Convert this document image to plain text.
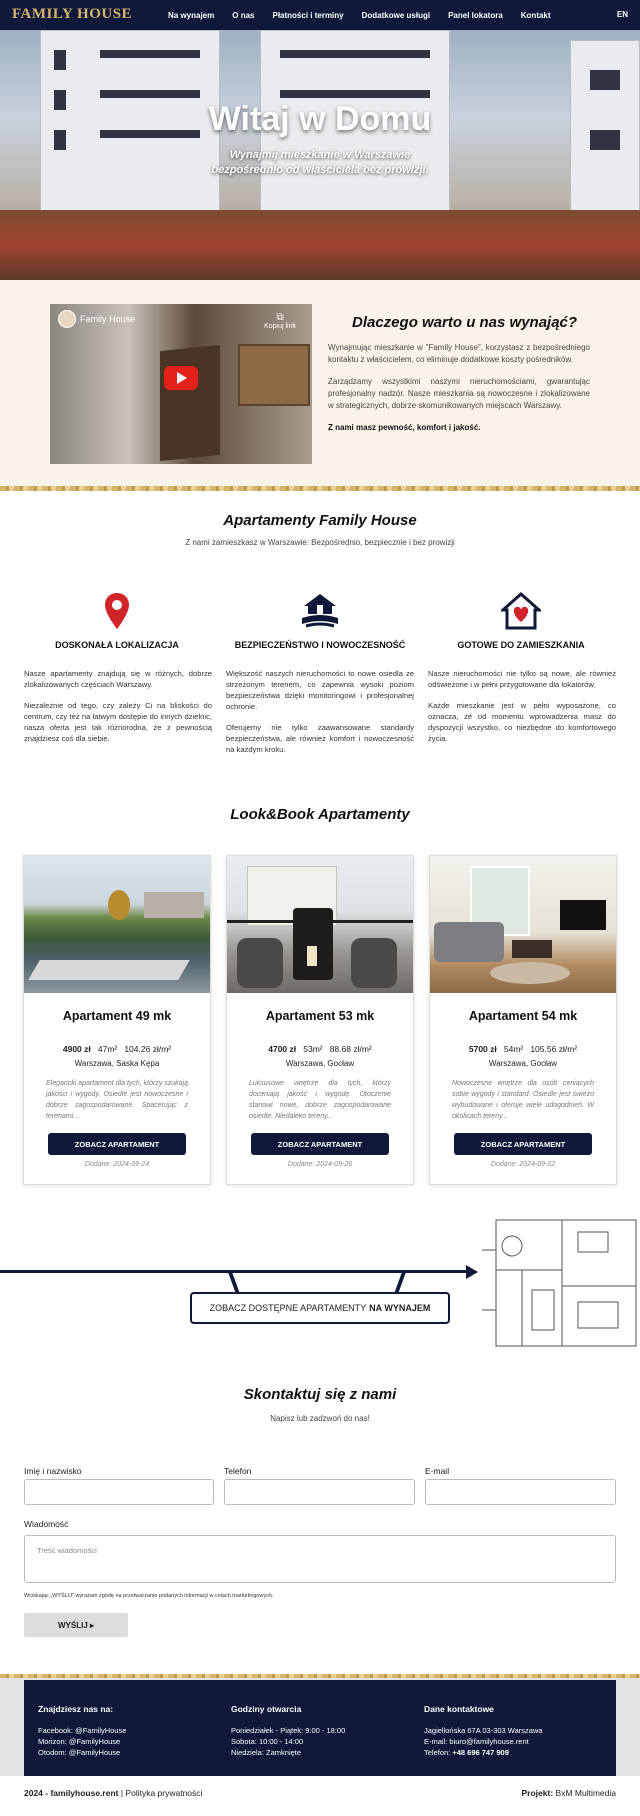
FAMILY HOUSE	Na wynajem O nas Płatności i terminy Dodatkowe usługi Panel lokatora Kontakt	EN
Witaj w Domu
Wynajmij mieszkanie w Warszawie
bezpośrednio od właściciela bez prowizji.
Family House	⧉
Kopiuj link	Dlaczego warto u nas wynająć?

Wynajmując mieszkanie w "Family House", korzystasz z bezpośredniego kontaktu z właścicielem, co eliminuje dodatkowe koszty pośredników.

Zarządzamy wszystkimi naszymi nieruchomościami, gwarantując profesjonalny nadzór. Nasze mieszkania są nowoczesne i zlokalizowane w strategicznych, dobrze skomunikowanych miejscach Warszawy.

Z nami masz pewność, komfort i jakość.

Apartamenty Family House
Z nami zamieszkasz w Warszawie: Bezpośrednio, bezpiecznie i bez prowizji
DOSKONAŁA LOKALIZACJA	BEZPIECZEŃSTWO I NOWOCZESNOŚĆ	GOTOWE DO ZAMIESZKANIA

Nasze apartamenty znajdują się w różnych, dobrze zlokalizowanych częściach Warszawy.

Niezależnie od tego, czy zależy Ci na bliskości do centrum, czy też na łatwym dostępie do innych dzielnic, nasza oferta jest tak różnorodna, że z pewnością znajdziesz coś dla siebie.

Większość naszych nieruchomości to nowe osiedla ze strzeżonym terenem, co zapewnia wysoki poziom bezpieczeństwa dzięki monitoringowi i profesjonalnej ochronie.

Oferujemy nie tylko zaawansowane standardy bezpieczeństwa, ale również komfort i nowoczesność na każdym kroku.

Nasze nieruchomości nie tylko są nowe, ale również odświeżone i w pełni przygotowane dla lokatorów.

Każde mieszkanie jest w pełni wyposażone, co oznacza, że od momentu wprowadzenia masz do dyspozycji wszystko, co niezbędne do komfortowego życia.

Look&Book Apartamenty
Apartament 49 mk
4900 zł 47m² 104.26 zł/m²
Warszawa, Saska Kępa
Elegancki apartament dla tych, którzy szukają jakości i wygody. Osiedle jest nowoczesne i dobrze zagospodarowane. Spacerując z terenami...
ZOBACZ APARTAMENT
Dodane: 2024-09-24
Apartament 53 mk
4700 zł 53m² 88.68 zł/m²
Warszawa, Gocław
Luksusowe wnętrze dla tych, którzy doceniają jakość i wygodę. Otoczenie stanowi nowe, dobrze zagospodarowane osiedle. Niedaleko tereny...
ZOBACZ APARTAMENT
Dodane: 2024-09-26
Apartament 54 mk
5700 zł 54m² 105.56 zł/m²
Warszawa, Gocław
Nowoczesne wnętrze dla osób ceniących sobie wygody i standard. Osiedle jest świeżo wybudowane i oferuje wiele udogodnień. W okolicach tereny...
ZOBACZ APARTAMENT
Dodane: 2024-09-02
ZOBACZ DOSTĘPNE APARTAMENTY NA WYNAJEM
Skontaktuj się z nami
Napisz lub zadzwoń do nas!
Imię i nazwisko	Telefon	E-mail
Wiadomość
Treść wiadomości
Wciskając „WYŚLIJ" wyrażam zgodę na przetwarzanie podanych informacji w celach marketingowych.
WYŚLIJ ▸
Znajdziesz nas na:
Facebook: @FamilyHouse
Morizon: @FamilyHouse
Otodom: @FamilyHouse
Godziny otwarcia
Poniedziałek - Piątek: 9:00 - 18:00
Sobota: 10:00 - 14:00
Niedziela: Zamknięte
Dane kontaktowe
Jagiellońska 67A 03-303 Warszawa
E-mail: biuro@familyhouse.rent
Telefon: +48 696 747 909
2024 - familyhouse.rent | Polityka prywatności	Projekt: BxM Multimedia
